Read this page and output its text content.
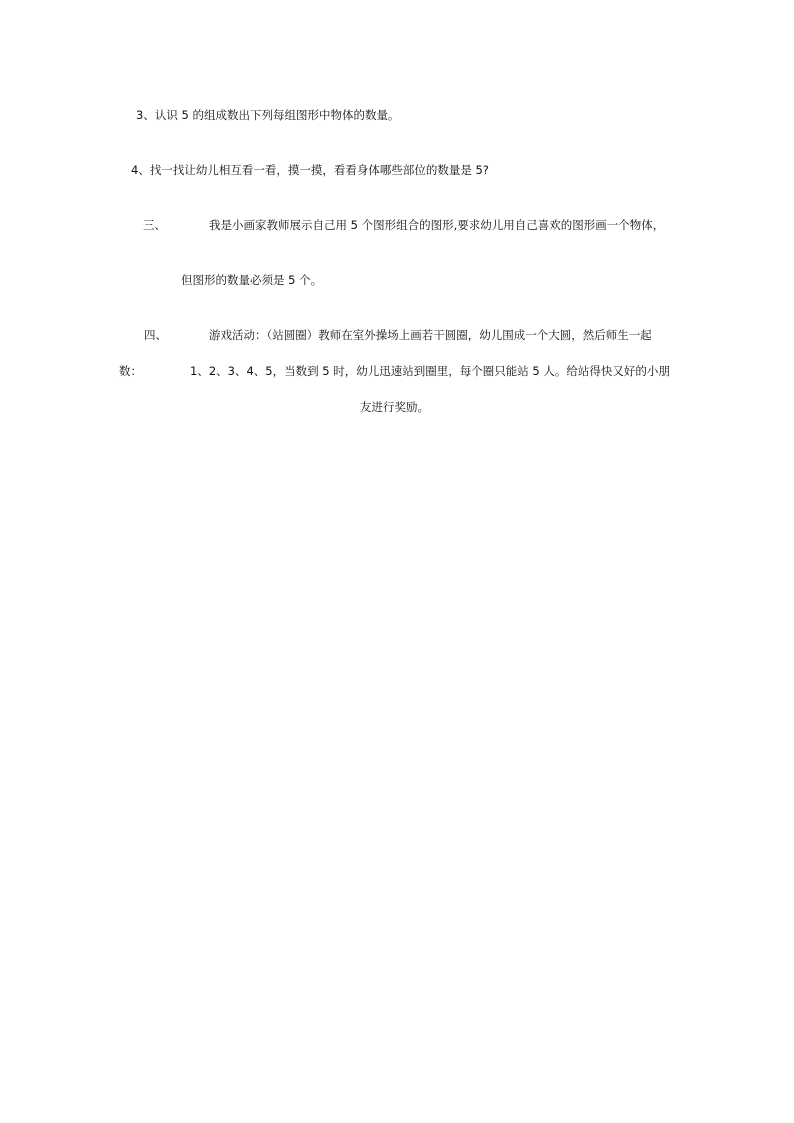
3、认识 5 的组成数出下列每组图形中物体的数量。
4、找一找让幼儿相互看一看，摸一摸，看看身体哪些部位的数量是 5?
三、	我是小画家教师展示自己用 5 个图形组合的图形,要求幼儿用自己喜欢的图形画一个物体，
但图形的数量必须是 5 个。
四、	游戏活动：（站圆圈）教师在室外操场上画若干圆圈，幼儿围成一个大圆，然后师生一起
数：	1、2、3、4、5，当数到 5 时，幼儿迅速站到圈里，每个圈只能站 5 人。给站得快又好的小朋
友进行奖励。
